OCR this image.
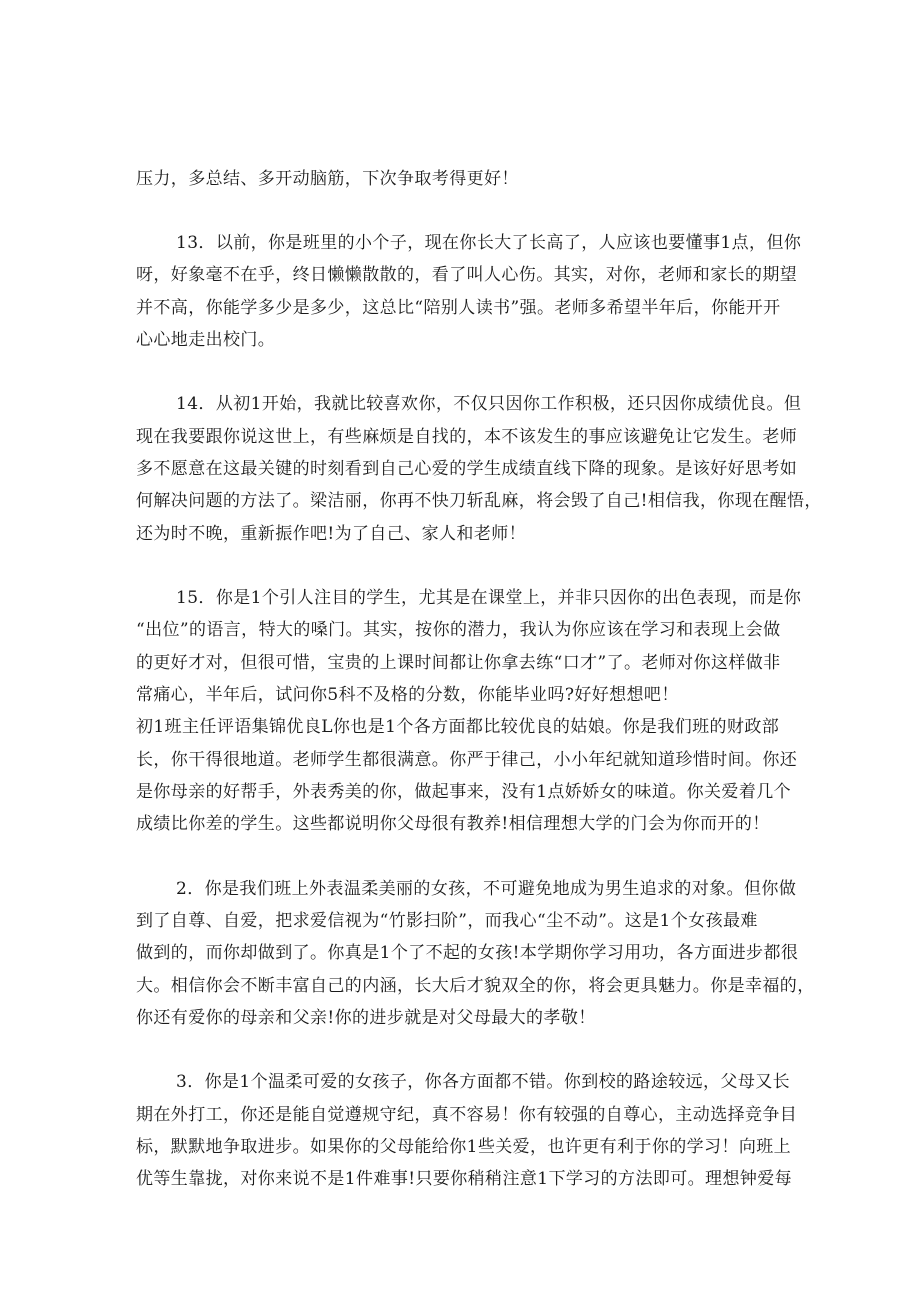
压力，多总结、多开动脑筋，下次争取考得更好！
13．以前，你是班里的小个子，现在你长大了长高了，人应该也要懂事1点，但你
呀，好象毫不在乎，终日懒懒散散的，看了叫人心伤。其实，对你，老师和家长的期望
并不高，你能学多少是多少，这总比“陪别人读书”强。老师多希望半年后，你能开开
心心地走出校门。
14．从初1开始，我就比较喜欢你，不仅只因你工作积极，还只因你成绩优良。但
现在我要跟你说这世上，有些麻烦是自找的，本不该发生的事应该避免让它发生。老师
多不愿意在这最关键的时刻看到自己心爱的学生成绩直线下降的现象。是该好好思考如
何解决问题的方法了。梁洁丽，你再不快刀斩乱麻，将会毁了自己!相信我，你现在醒悟，
还为时不晚，重新振作吧!为了自己、家人和老师！
15．你是1个引人注目的学生，尤其是在课堂上，并非只因你的出色表现，而是你
“出位”的语言，特大的嗓门。其实，按你的潜力，我认为你应该在学习和表现上会做
的更好才对，但很可惜，宝贵的上课时间都让你拿去练“口才”了。老师对你这样做非
常痛心，半年后，试问你5科不及格的分数，你能毕业吗?好好想想吧！
初1班主任评语集锦优良L你也是1个各方面都比较优良的姑娘。你是我们班的财政部
长，你干得很地道。老师学生都很满意。你严于律己，小小年纪就知道珍惜时间。你还
是你母亲的好帮手，外表秀美的你，做起事来，没有1点娇娇女的味道。你关爱着几个
成绩比你差的学生。这些都说明你父母很有教养!相信理想大学的门会为你而开的！
2．你是我们班上外表温柔美丽的女孩，不可避免地成为男生追求的对象。但你做
到了自尊、自爱，把求爱信视为“竹影扫阶”，而我心“尘不动”。这是1个女孩最难
做到的，而你却做到了。你真是1个了不起的女孩!本学期你学习用功，各方面进步都很
大。相信你会不断丰富自己的内涵，长大后才貌双全的你，将会更具魅力。你是幸福的，
你还有爱你的母亲和父亲!你的进步就是对父母最大的孝敬！
3．你是1个温柔可爱的女孩子，你各方面都不错。你到校的路途较远，父母又长
期在外打工，你还是能自觉遵规守纪，真不容易！你有较强的自尊心，主动选择竞争目
标，默默地争取进步。如果你的父母能给你1些关爱，也许更有利于你的学习！向班上
优等生靠拢，对你来说不是1件难事!只要你稍稍注意1下学习的方法即可。理想钟爱每
